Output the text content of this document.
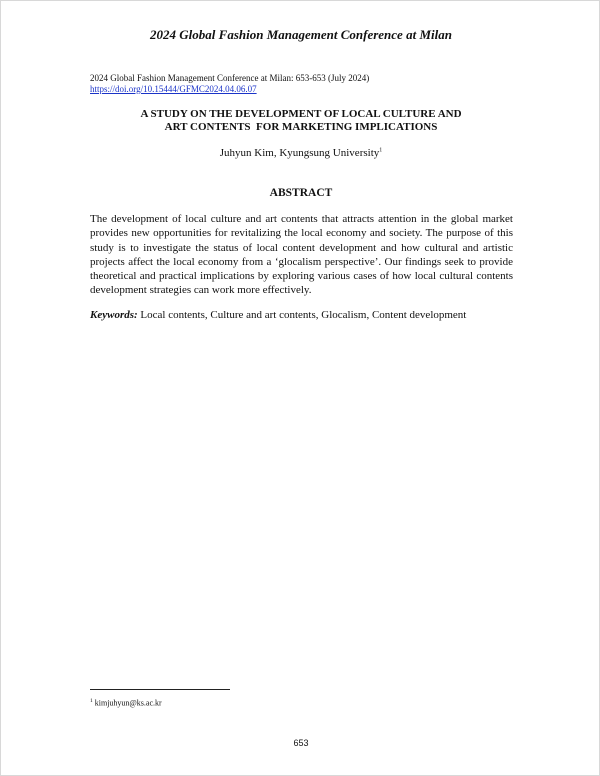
2024 Global Fashion Management Conference at Milan
2024 Global Fashion Management Conference at Milan: 653-653 (July 2024)
https://doi.org/10.15444/GFMC2024.04.06.07
A STUDY ON THE DEVELOPMENT OF LOCAL CULTURE AND
ART CONTENTS  FOR MARKETING IMPLICATIONS
Juhyun Kim, Kyungsung University$^1$
ABSTRACT

The development of local culture and art contents that attracts attention in the global market provides new opportunities for revitalizing the local economy and society. The purpose of this study is to investigate the status of local content development and how cultural and artistic projects affect the local economy from a ‘glocalism perspective’. Our findings seek to provide theoretical and practical implications by exploring various cases of how local cultural contents development strategies can work more effectively.

Keywords: Local contents, Culture and art contents, Glocalism, Content development
$^1$ kimjuhyun@ks.ac.kr
653
